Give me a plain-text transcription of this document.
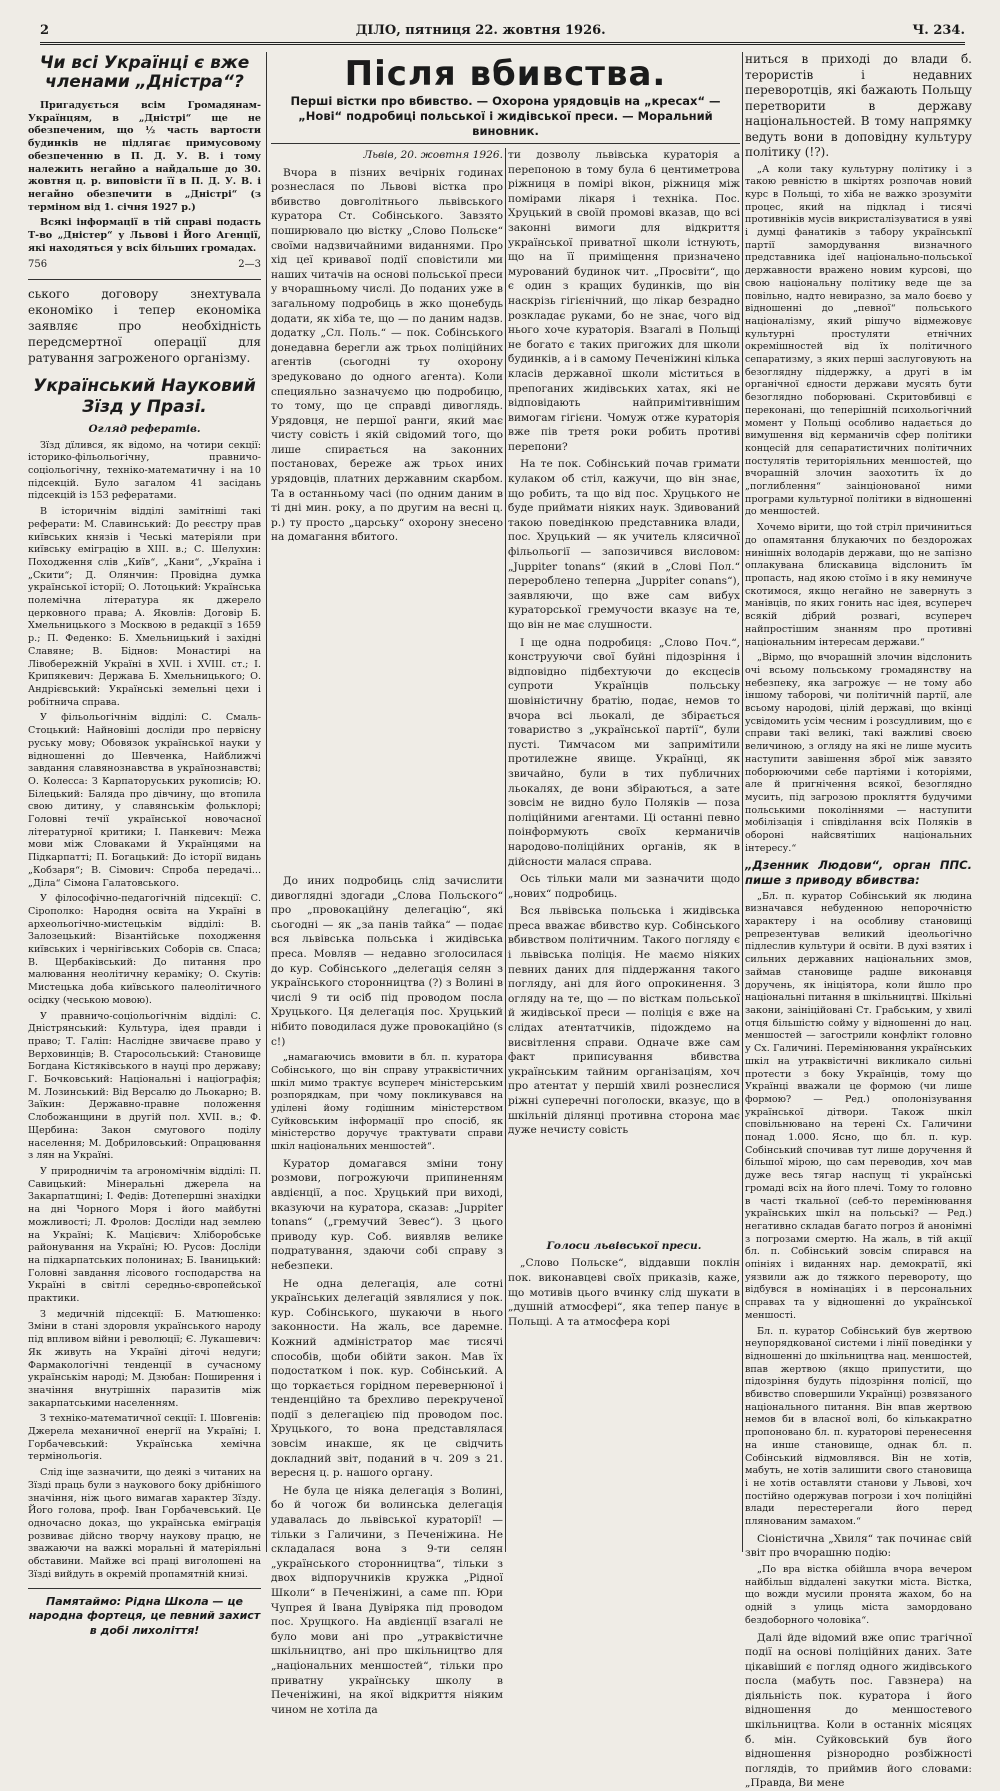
2	ДІЛО, пятниця 22. жовтня 1926.	Ч. 234.
Чи всі Українці є вже членами „Дністра“?

Пригадується всім Громадянам-Українцям, в „Дністрі“ ще не обезпеченим, що ½ часть вартости будинків не підлягає примусовому обезпеченню в П. Д. У. В. і тому належить негайно а найдальше до 30. жовтня ц. р. виповісти її в П. Д. У. В. і негайно обезпечити в „Дністрі“ (з терміном від 1. січня 1927 р.)

Всякі інформації в тій справі подасть Т-во „Дністер“ у Львові і Його Агенції, які находяться у всіх більших громадах.

756	2—3

ського договору знехтувала економіко і тепер економіка заявляє про необхідність передсмертної операції для ратування загроженого організму.

Український Науковий Зїзд у Празі.

Огляд рефератів.

Зїзд дїлився, як відомо, на чотири секції: історико-фільольогічну, правничо-соціольогічну, техніко-математичну і на 10 підсекцій. Було загалом 41 засідань підсекцій із 153 рефератами.

В історичнім відділі замітніші такі реферати: М. Славинський: До реєстру прав київських князів і Чеські матеріяли при київську еміграцію в XIII. в.; С. Шелухин: Походження слів „Київ“, „Кани“, „Україна і „Скити“; Д. Олянчин: Провідна думка української історії; О. Лотоцький: Українська полемічна література як джерело церковного права; А. Яковлів: Договір Б. Хмельницького з Москвою в редакції з 1659 р.; П. Феденко: Б. Хмельницький і західні Славяне; В. Біднов: Монастирі на Лівобережній Україні в XVII. і XVIII. ст.; І. Крипякевич: Держава Б. Хмельницького; О. Андрієвський: Українські земельні цехи і робітнича справа.

У фільольогічнім відділі: С. Смаль-Стоцький: Найновіші досліди про первісну руську мову; Обовязок української науки у відношенні до Шевченка, Найближчі завдання славянознавства в українознавстві; О. Колесса: З Карпаторуських рукописів; Ю. Білецький: Баляда про дівчину, що втопила свою дитину, у славянськім фольклорі; Головні течії української новочасної літературної критики; І. Панкевич: Межа мови між Словаками й Українцями на Підкарпатті; П. Богацький: До історії видань „Кобзаря“; В. Сімович: Спроба передачі... „Діла“ Сімона Галатовського.

У філософічно-педагогічній підсекції: С. Сірополко: Народня освіта на Україні в археольогічно-мистецькім відділі: В. Залозецький: Візантійське походження київських і чернігівських Соборів св. Спаса; В. Щербаківський: До питання про малювання неолітичну кераміку; О. Скутів: Мистецька доба київського палеолітичного осідку (чеською мовою).

У правничо-соціольогічнім відділі: С. Дністрянський: Культура, ідея правди і право; Т. Галіп: Наслідне звичаєве право у Верховинців; В. Старосольський: Становище Богдана Кістяківського в науці про державу; Г. Бочковський: Національні і націографія; М. Лозинський: Від Версалю до Льокарно; В. Заїкин: Державно-правне положення Слобожанщини в другій пол. XVII. в.; Ф. Щербина: Закон смугового поділу населення; М. Добриловський: Опрацювання з лян на Україні.

У природничім та агрономічнім відділі: П. Савицький: Мінеральні джерела на Закарпатщині; І. Федів: Дотепершні знахідки на дні Чорного Моря і його майбутні можливості; Л. Фролов: Досліди над землею на Україні; К. Мацієвич: Хліборобське районування на Україні; Ю. Русов: Досліди на підкарпатських полонинах; Б. Іваницький: Головні завдання лісового господарства на Україні в світлі середньо-європейської практики.

З медичній підсекції: Б. Матюшенко: Зміни в стані здоровля українського народу під впливом війни і революції; Є. Лукашевич: Як живуть на Україні діточі недуги; Фармакологічні тенденції в сучасному українськім народі; М. Дзюбан: Поширення і значіння внутрішніх паразитів між закарпатськими населенням.

З техніко-математичної секції: І. Шовгенів: Джерела механичної енергії на Україні; І. Горбачевський: Українська хемічна термінольогія.

Слід іще зазначити, що деякі з читаних на Зїзді праць були з наукового боку дрібнішого значіння, ніж цього вимагав характер Зїзду. Його голова, проф. Іван Горбачевський. Це одночасно доказ, що українська еміграція розвиває дійсно творчу наукову працю, не зважаючи на важкі моральні й матеріяльні обставини. Майже всі праці виголошені на Зїзді вийдуть в окремій пропамятній книзі.

Памятаймо: Рідна Школа — це народна фортеця, це певний захист в добі лихоліття!

Після вбивства.
Перші вістки про вбивство. — Охорона урядовців на „кресах“ — „Нові“ подробиці польської і жидівської преси. — Моральний виновник.

Львів, 20. жовтня 1926.

Вчора в пізних вечірніх годинах рознеслася по Львові вістка про вбивство довголітнього львівського куратора Ст. Собінського. Завзято поширювало цю вістку „Слово Польске“ своїми надзвичайними виданнями. Про хід цеї кривавої події сповістили ми наших читачів на основі польської преси у вчорашньому числі. До поданих уже в загальному подробиць в жко щонебудь додати, як хіба те, що — по даним надзв. додатку „Сл. Поль.“ — пок. Собінського донедавна берегли аж трьох поліційних агентів (сьогодні ту охорону зредуковано до одного агента). Коли специяльно зазначуємо цю подробицю, то тому, що це справді дивоглядь. Урядовця, не першої ранги, який має чисту совість і якій свідомий того, що лише спирається на законних постановах, береже аж трьох иних урядовців, платних державним скарбом. Та в останньому часі (по одним даним в ті дні мин. року, а по другим на весні ц. р.) ту просто „царську“ охорону знесено на домагання вбитого.

До иних подробиць слід зачислити дивоглядні здогади „Слова Польского“ про „провокаційну делегацію“, які сьогодні — як „за панів тайка“ — подає вся львівська польська і жидівська преса. Мовляв — недавно зголосилася до кур. Собінського „делегація селян з українського сторонництва (?) з Волині в числі 9 ти осіб під проводом посла Хруцького. Ця делегація пос. Хруцький нібито поводилася дуже провокаційно (s c!)

„намагаючись вмовити в бл. п. куратора Собінського, що він справу утраквістичних шкіл мимо трактує всупереч міністерським розпорядкам, при чому покликувався на уділені йому годішним міністерством Суйковським інформації про спосіб, як міністерство доручує трактувати справи шкіл національних меншостей“.

Куратор домагався зміни тону розмови, погрожуючи припиненням авдієнції, а пос. Хруцький при виході, вказуючи на куратора, сказав: „Juppiter tonans“ („гремучий Зевес“). З цього приводу кур. Соб. виявляв велике подратування, здаючи собі справу з небезпеки.

Не одна делегація, але сотні українських делегацій зявлялися у пок. кур. Собінського, шукаючи в нього законности. На жаль, все даремне. Кожний адміністратор має тисячі способів, щоби обійти закон. Мав їх подостатком і пок. кур. Собінський. А що торкається горідном перевернюної і тенденційно та брехливо перекрученої події з делегацією під проводом пос. Хруцького, то вона представлялася зовсім инакше, як це свідчить докладний звіт, поданий в ч. 209 з 21. вересня ц. р. нашого органу.

Не була це ніяка делегація з Волині, бо й чогож би волинська делегація удавалась до львівської кураторії! — тільки з Галичини, з Печеніжина. Не складалася вона з 9-ти селян „українського сторонництва“, тільки з двох відпоручників кружка „Рідної Школи“ в Печеніжині, а саме пп. Юри Чупрея й Івана Дувіряка під проводом пос. Хрущкого. На авдієнції взагалі не було мови ані про „утраквістичне шкільництво, ані про шкільництво для „національних меншостей“, тільки про приватну українську школу в Печеніжині, на якої відкриття ніяким чином не хотіла да

ти дозволу львівська кураторія а перепоною в тому була 6 центиметрова ріжниця в помірі вікон, ріжниця між помірами лікаря і техніка. Пос. Хруцький в своїй промові вказав, що всі законні вимоги для відкриття української приватної школи істнують, що на її приміщення призначено мурований будинок чит. „Просвіти“, що є один з кращих будинків, що він наскрізь гігієнічний, що лікар безрадно розкладає руками, бо не знає, чого від нього хоче кураторія. Взагалі в Польщі не богато є таких пригожих для школи будинків, а і в самому Печеніжині кілька класів державної школи міститься в препоганих жидівських хатах, які не відповідають найпримітивнішим вимогам гігієни. Чомуж отже кураторія вже пів третя роки робить противі перепони?

На те пок. Собінський почав гримати кулаком об стіл, кажучи, що він знає, що робить, та що від пос. Хруцького не буде приймати ніяких наук. Здивований такою поведінкою представника влади, пос. Хруцький — як учитель клясичної фільольогії — запозичився висловом: „Juppiter tonans“ (який в „Слові Пол.“ перероблено теперна „Juppiter conans“), заявляючи, що вже сам вибух кураторської гремучости вказує на те, що він не має слушности.

І ще одна подробиця: „Слово Поч.“, конструуючи свої буйні підозріння і відповідно підбехтуючи до ексцесів супроти Українців польську шовіністичну братію, подає, немов то вчора всі льокалі, де збірається товариство з „української партії“, були пусті. Тимчасом ми запримітили протилежне явище. Українці, як звичайно, були в тих публичних льокалях, де вони збіраються, а зате зовсім не видно було Поляків — поза поліційними агентами. Ці останні певно поінформують своїх керманичів народово-поліційних органів, як в дійсности малася справа.

Ось тільки мали ми зазначити щодо „нових“ подробиць.

Вся львівська польська і жидівська преса вважає вбивство кур. Собінського вбивством політичним. Такого погляду є і львівська поліція. Не маємо ніяких певних даних для піддержання такого погляду, ані для його опрокинення. З огляду на те, що — по вісткам польської й жидівської преси — поліція є вже на слідах атентатчиків, підождемо на висвітлення справи. Одначе вже сам факт приписування вбивства українським тайним організаціям, хоч про атентат у першій хвилі рознеслися ріжні суперечні поголоски, вказує, що в шкільній ділянці противна сторона має дуже нечисту совість

Голоси львівської преси.

„Слово Польске“, віддавши поклін пок. виконавцеві своїх приказів, каже, що мотивів цього вчинку слід шукати в „душній атмосфері“, яка тепер панує в Польщі. А та атмосфера корі

ниться в приході до влади б. терористів і недавних переворотців, які бажають Польщу перетворити в державу національностей. В тому напрямку ведуть вони в доповідну культуру політику (!?).

„А коли таку культурну політику і з такою ревністю в шкіртях розпочав новий курс в Польщі, то хіба не важко зрозуміти процес, який на підклад і тисячі противніків мусів викристалізуватися в уяві і думці фанатиків з табору українськпї партії замордування визначного представника ідеї національно-польської державности вражено новим курсові, що свою національну політику веде ще за повільно, надто невиразно, за мало боєво у відношенні до „певної“ польського націоналізму, який рішучо відмежовує культурні простуляти етнічних окремішностей від їх політичного сепаратизму, з яких перші заслуговують на безоглядну піддержку, а другі в ім органічної єдности держави мусять бути безоглядно поборювані. Скритовбивці є переконані, що теперішній психольогічний момент у Польщі особливо надається до вимушення від керманичів сфер політики концесій для сепаратистичних політичних постулятів територіяльних меншостей, що вчорашній злочин заохотить їх до „поглиблення“ заінціонованої ними програми культурної політики в відношенні до меншостей.

Хочемо вірити, що той стріл причиниться до опамятання блукаючих по бездорожах нинішніх володарів держави, що не запізно оплакувана блискавица відслонить їм пропасть, над якою стоїмо і в яку неминуче скотимося, якщо негайно не завернуть з манівців, по яких гонить нас ідея, всупереч всякій дібрий розвагі, всупереч найпростішим знанням про противні національним інтересам держави.“

„Вірмо, що вчорашній злочин відслонить очі всьому польському громадянству на небезпеку, яка загрожує — не тому або іншому таборові, чи політичній партії, але всьому народові, цілій державі, що вкінці усвідомить усім чесним і розсудливим, що є справи такі великі, такі важливі своєю величиною, з огляду на які не лише мусить наступити завішення зброї між завзято поборюючими себе партіями і которіями, але й пригнічення всякої, безоглядно мусить, під загрозою прокляття будучими польськими поколіннями — наступити мобілізація і співділання всіх Поляків в обороні найсвятіших національних інтересу.“

„Дзенник Людови“, орган ППС. пише з приводу вбивства:

„Бл. п. куратор Собінський як людина визначався небуденною непорочністю характеру і на особливу становищі репрезентував великий ідеольогічно підлеслив культури й освіти. В духі взятих і сильних державних національних змов, займав становище радше виконавця доручень, як ініціятора, коли йшло про національні питання в шкільництві. Шкільні закони, заініційовані Ст. Грабським, у хвилі отця більшістю сойму у відношенні до нац. меншостей — загострили конфлікт головно у Сх. Галичині. Перемінювання українських шкіл на утраквістичні викликало сильні протести з боку Українців, тому що Українці вважали це формою (чи лише формою? — Ред.) ополонізування української дітвори. Також шкіл сповільнювано на терені Сх. Галичини понад 1.000. Ясно, що бл. п. кур. Собінський спочивав тут лише доручення й більшої мірою, що сам переводив, хоч мав дуже весь тягар наспущ ті українські громаді всіх на його плечі. Тому то головно в часті ткальної (себ-то перемінювання українських шкіл на польські? — Ред.) негативно складав багато погроз й анонімні з погрозами смертю. На жаль, в тій акції бл. п. Собінський зовсім спирався на опініях і виданнях нар. демократії, які уязвили аж до тяжкого перевороту, що відбувся в номінаціях і в персональних справах та у відношенні до української меншості.

Бл. п. куратор Собінський був жертвою неупорядкованої системи і лінії поведінки у відношенні до шкільництва нац. меншостей, впав жертвою (якщо припустити, що підозріння будуть підозріння полісії, що вбивство сповершили Українці) розвязаного національного питання. Він впав жертвою немов би в власної волі, бо кількакратно пропоновано бл. п. кураторові перенесення на инше становище, однак бл. п. Собінський відмовлявся. Він не хотів, мабуть, не хотів залишити свого становища і не хотів оставляти станови у Львові, хоч постійно одержував погрози і хоч поліційні влади перестерегали його перед плянованим замахом.“

Сіоністична „Хвиля“ так починає свій звіт про вчорашню подію:

„По вра вістка обійшла вчора вечером найбільш віддалені закутки міста. Вістка, що вожди мусили пронята жахом, бо на одній з улиць міста замордовано бездоборного чоловіка“.

Далі йде відомий вже опис трагічної події на основі поліційних даних. Зате цікавіший є погляд одного жидівського посла (мабуть пос. Гавзнера) на діяльність пок. куратора і його відношення до меншостевого шкільництва. Коли в останніх місяцях б. мін. Суйковський був його відношення різнородно розбіжності поглядів, то приймив його словами: „Правда, Ви мене
